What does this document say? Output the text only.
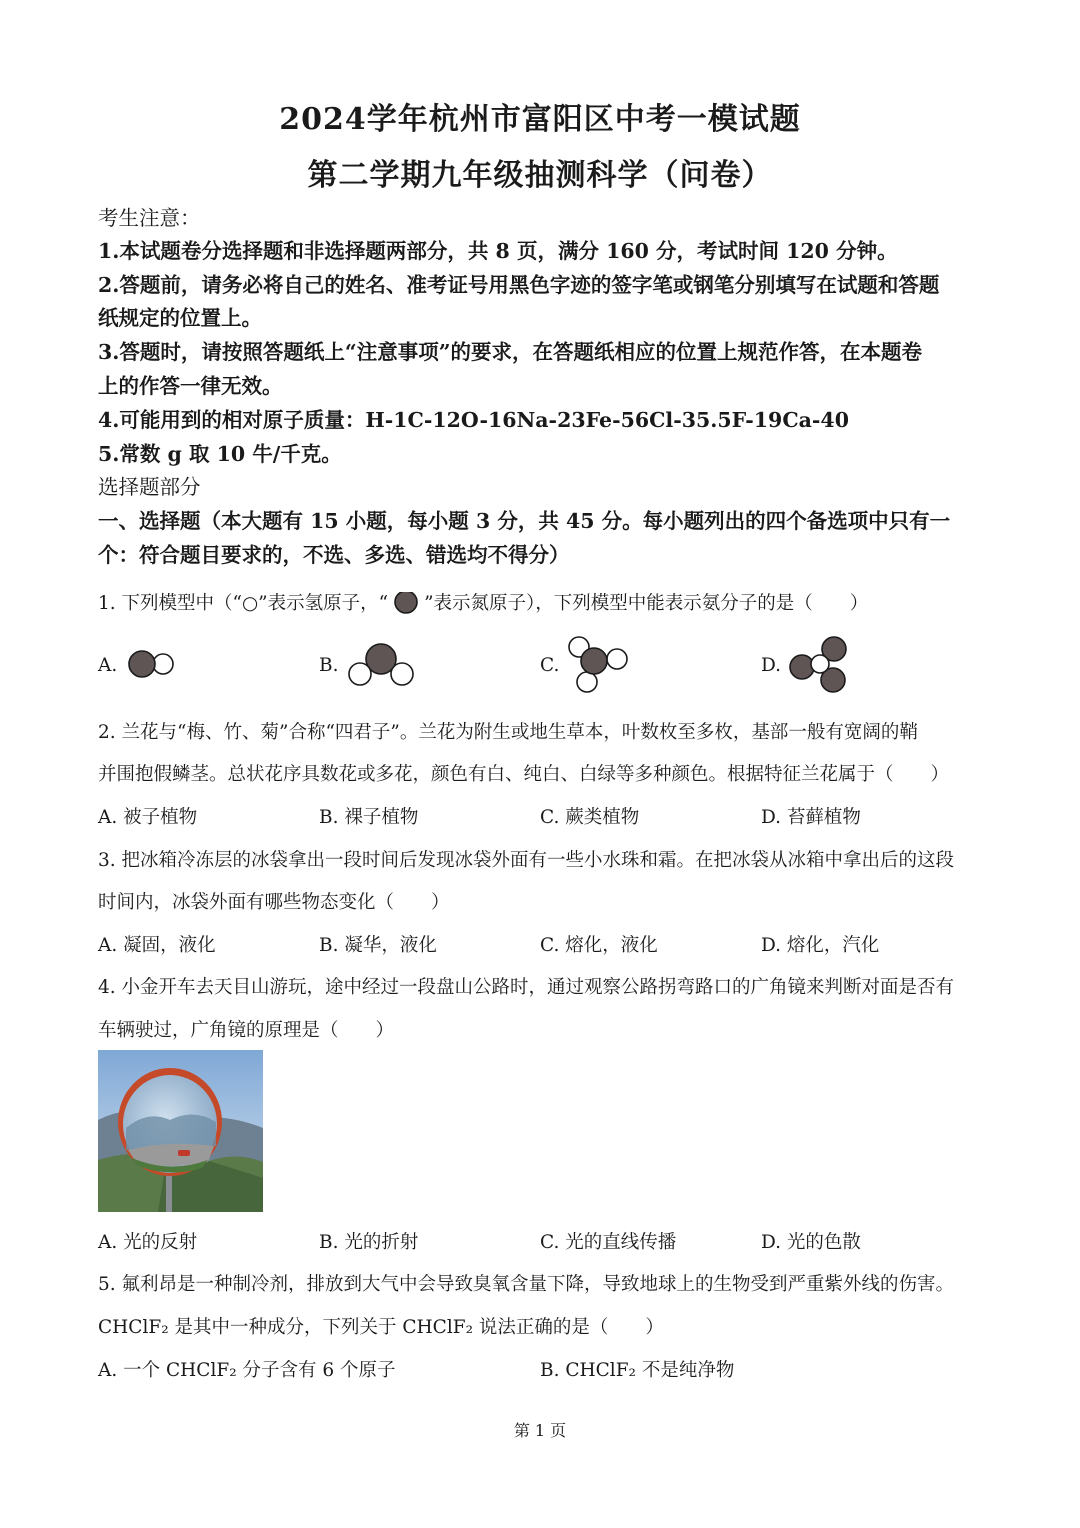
2024学年杭州市富阳区中考一模试题
第二学期九年级抽测科学（问卷）
考生注意：
1.本试题卷分选择题和非选择题两部分，共 8 页，满分 160 分，考试时间 120 分钟。
2.答题前，请务必将自己的姓名、准考证号用黑色字迹的签字笔或钢笔分别填写在试题和答题
纸规定的位置上。
3.答题时，请按照答题纸上“注意事项”的要求，在答题纸相应的位置上规范作答，在本题卷
上的作答一律无效。
4.可能用到的相对原子质量：H-1C-12O-16Na-23Fe-56Cl-35.5F-19Ca-40
5.常数 g 取 10 牛/千克。
选择题部分
一、选择题（本大题有 15 小题，每小题 3 分，共 45 分。每小题列出的四个备选项中只有一
个：符合题目要求的，不选、多选、错选均不得分）
1. 下列模型中（“○”表示氢原子，“ ”表示氮原子），下列模型中能表示氨分子的是（　　）
A.	B.	C.	D.
2. 兰花与“梅、竹、菊”合称“四君子”。兰花为附生或地生草本，叶数枚至多枚，基部一般有宽阔的鞘
并围抱假鳞茎。总状花序具数花或多花，颜色有白、纯白、白绿等多种颜色。根据特征兰花属于（　　）
A. 被子植物	B. 裸子植物	C. 蕨类植物	D. 苔藓植物
3. 把冰箱冷冻层的冰袋拿出一段时间后发现冰袋外面有一些小水珠和霜。在把冰袋从冰箱中拿出后的这段
时间内，冰袋外面有哪些物态变化（　　）
A. 凝固，液化	B. 凝华，液化	C. 熔化，液化	D. 熔化，汽化
4. 小金开车去天目山游玩，途中经过一段盘山公路时，通过观察公路拐弯路口的广角镜来判断对面是否有
车辆驶过，广角镜的原理是（　　）
A. 光的反射	B. 光的折射	C. 光的直线传播	D. 光的色散
5. 氟利昂是一种制冷剂，排放到大气中会导致臭氧含量下降，导致地球上的生物受到严重紫外线的伤害。
CHClF₂ 是其中一种成分，下列关于 CHClF₂ 说法正确的是（　　）
A. 一个 CHClF₂ 分子含有 6 个原子	B. CHClF₂ 不是纯净物
第 1 页
